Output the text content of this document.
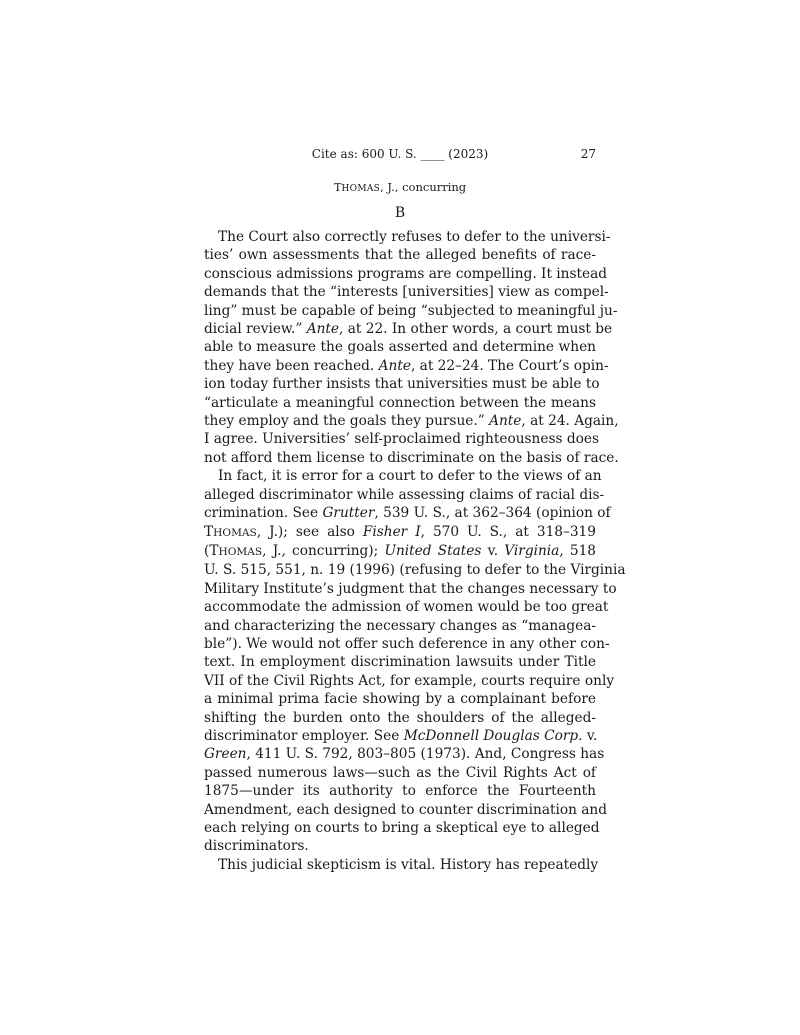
Cite as: 600 U. S. ____ (2023)	27
THOMAS, J., concurring
B
The Court also correctly refuses to defer to the universi-
ties’ own assessments that the alleged benefits of race-
conscious admissions programs are compelling. It instead
demands that the “interests [universities] view as compel-
ling” must be capable of being “subjected to meaningful ju-
dicial review.” Ante, at 22. In other words, a court must be
able to measure the goals asserted and determine when
they have been reached. Ante, at 22–24. The Court’s opin-
ion today further insists that universities must be able to
“articulate a meaningful connection between the means
they employ and the goals they pursue.” Ante, at 24. Again,
I agree. Universities’ self-proclaimed righteousness does
not afford them license to discriminate on the basis of race.
In fact, it is error for a court to defer to the views of an
alleged discriminator while assessing claims of racial dis-
crimination. See Grutter, 539 U. S., at 362–364 (opinion of
THOMAS, J.); see also Fisher I, 570 U. S., at 318–319
(THOMAS, J., concurring); United States v. Virginia, 518
U. S. 515, 551, n. 19 (1996) (refusing to defer to the Virginia
Military Institute’s judgment that the changes necessary to
accommodate the admission of women would be too great
and characterizing the necessary changes as “managea-
ble”). We would not offer such deference in any other con-
text. In employment discrimination lawsuits under Title
VII of the Civil Rights Act, for example, courts require only
a minimal prima facie showing by a complainant before
shifting the burden onto the shoulders of the alleged-
discriminator employer. See McDonnell Douglas Corp. v.
Green, 411 U. S. 792, 803–805 (1973). And, Congress has
passed numerous laws—such as the Civil Rights Act of
1875—under its authority to enforce the Fourteenth
Amendment, each designed to counter discrimination and
each relying on courts to bring a skeptical eye to alleged
discriminators.
This judicial skepticism is vital. History has repeatedly
